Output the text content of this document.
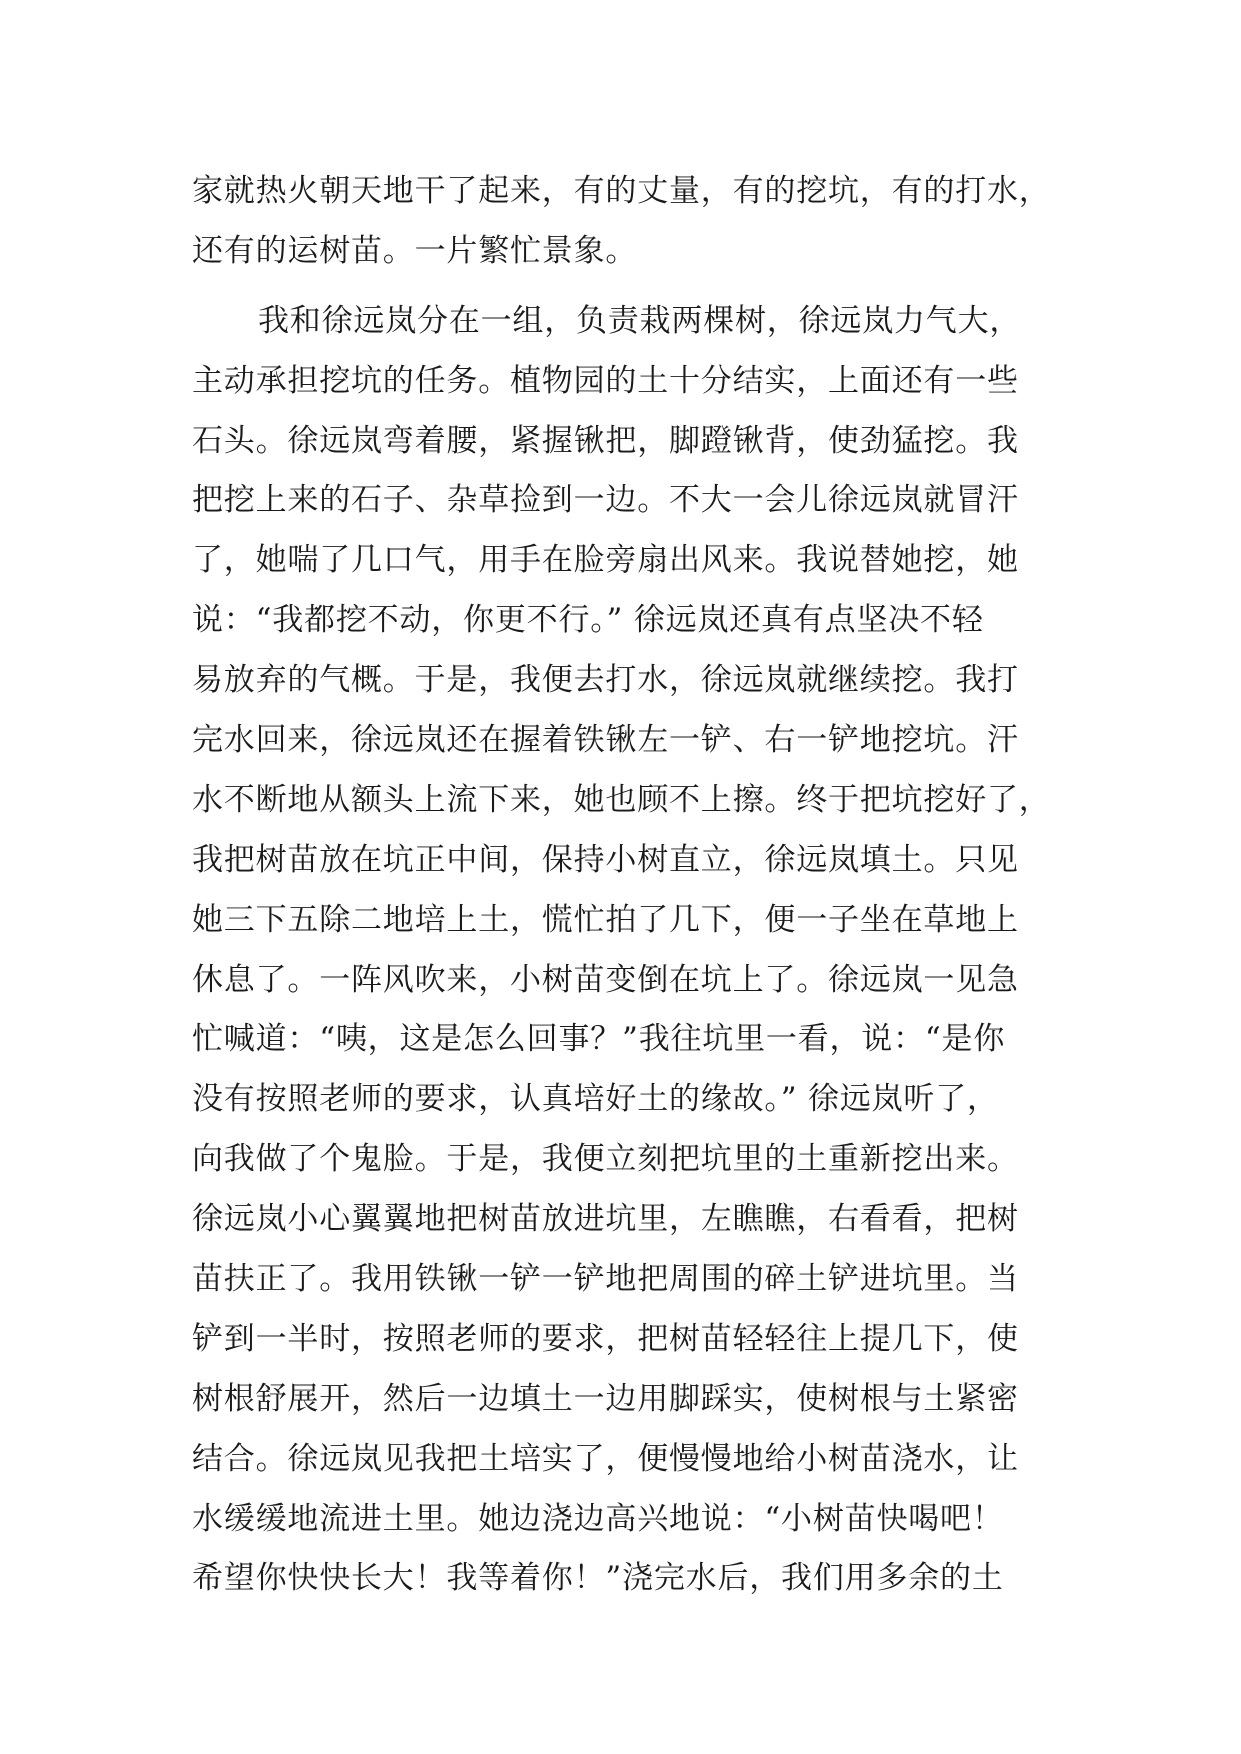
家就热火朝天地干了起来，有的丈量，有的挖坑，有的打水，
还有的运树苗。一片繁忙景象。
我和徐远岚分在一组，负责栽两棵树，徐远岚力气大，
主动承担挖坑的任务。植物园的土十分结实，上面还有一些
石头。徐远岚弯着腰，紧握锹把，脚蹬锹背，使劲猛挖。我
把挖上来的石子、杂草捡到一边。不大一会儿徐远岚就冒汗
了，她喘了几口气，用手在脸旁扇出风来。我说替她挖，她
说：“我都挖不动，你更不行。” 徐远岚还真有点坚决不轻
易放弃的气概。于是，我便去打水，徐远岚就继续挖。我打
完水回来，徐远岚还在握着铁锹左一铲、右一铲地挖坑。汗
水不断地从额头上流下来，她也顾不上擦。终于把坑挖好了，
我把树苗放在坑正中间，保持小树直立，徐远岚填土。只见
她三下五除二地培上土，慌忙拍了几下，便一子坐在草地上
休息了。一阵风吹来，小树苗变倒在坑上了。徐远岚一见急
忙喊道：“咦，这是怎么回事？”我往坑里一看，说：“是你
没有按照老师的要求，认真培好土的缘故。” 徐远岚听了，
向我做了个鬼脸。于是，我便立刻把坑里的土重新挖出来。
徐远岚小心翼翼地把树苗放进坑里，左瞧瞧，右看看，把树
苗扶正了。我用铁锹一铲一铲地把周围的碎土铲进坑里。当
铲到一半时，按照老师的要求，把树苗轻轻往上提几下，使
树根舒展开，然后一边填土一边用脚踩实，使树根与土紧密
结合。徐远岚见我把土培实了，便慢慢地给小树苗浇水，让
水缓缓地流进土里。她边浇边高兴地说：“小树苗快喝吧！
希望你快快长大！我等着你！”浇完水后，我们用多余的土
